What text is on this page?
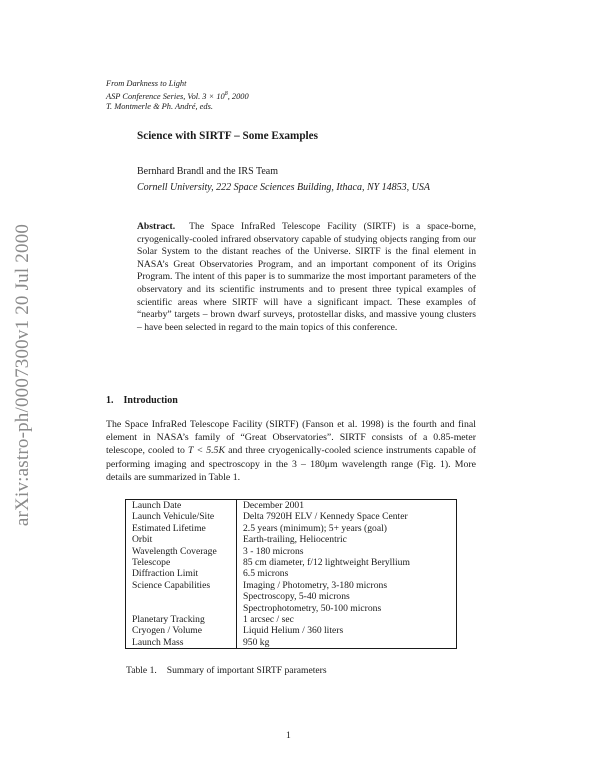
arXiv:astro-ph/0007300v1 20 Jul 2000
From Darkness to Light
ASP Conference Series, Vol. $3 \times 10^8$, 2000
T. Montmerle & Ph. André, eds.
Science with SIRTF – Some Examples
Bernhard Brandl and the IRS Team
Cornell University, 222 Space Sciences Building, Ithaca, NY 14853, USA
Abstract. The Space InfraRed Telescope Facility (SIRTF) is a space-borne, cryogenically-cooled infrared observatory capable of studying objects ranging from our Solar System to the distant reaches of the Universe. SIRTF is the final element in NASA’s Great Observatories Program, and an important component of its Origins Program. The intent of this paper is to summarize the most important parameters of the observatory and its scientific instruments and to present three typical examples of scientific areas where SIRTF will have a significant impact. These examples of “nearby” targets – brown dwarf surveys, protostellar disks, and massive young clusters – have been selected in regard to the main topics of this conference.
1. Introduction
The Space InfraRed Telescope Facility (SIRTF) (Fanson et al. 1998) is the fourth and final element in NASA’s family of “Great Observatories”. SIRTF consists of a 0.85-meter telescope, cooled to T < 5.5K and three cryogenically-cooled science instruments capable of performing imaging and spectroscopy in the 3 – 180μm wavelength range (Fig. 1). More details are summarized in Table 1.
Launch Date	December 2001
Launch Vehicule/Site	Delta 7920H ELV / Kennedy Space Center
Estimated Lifetime	2.5 years (minimum); 5+ years (goal)
Orbit	Earth-trailing, Heliocentric
Wavelength Coverage	3 - 180 microns
Telescope	85 cm diameter, f/12 lightweight Beryllium
Diffraction Limit	6.5 microns
Science Capabilities	Imaging / Photometry, 3-180 microns
	Spectroscopy, 5-40 microns
	Spectrophotometry, 50-100 microns
Planetary Tracking	1 arcsec / sec
Cryogen / Volume	Liquid Helium / 360 liters
Launch Mass	950 kg
Table 1. Summary of important SIRTF parameters
1
